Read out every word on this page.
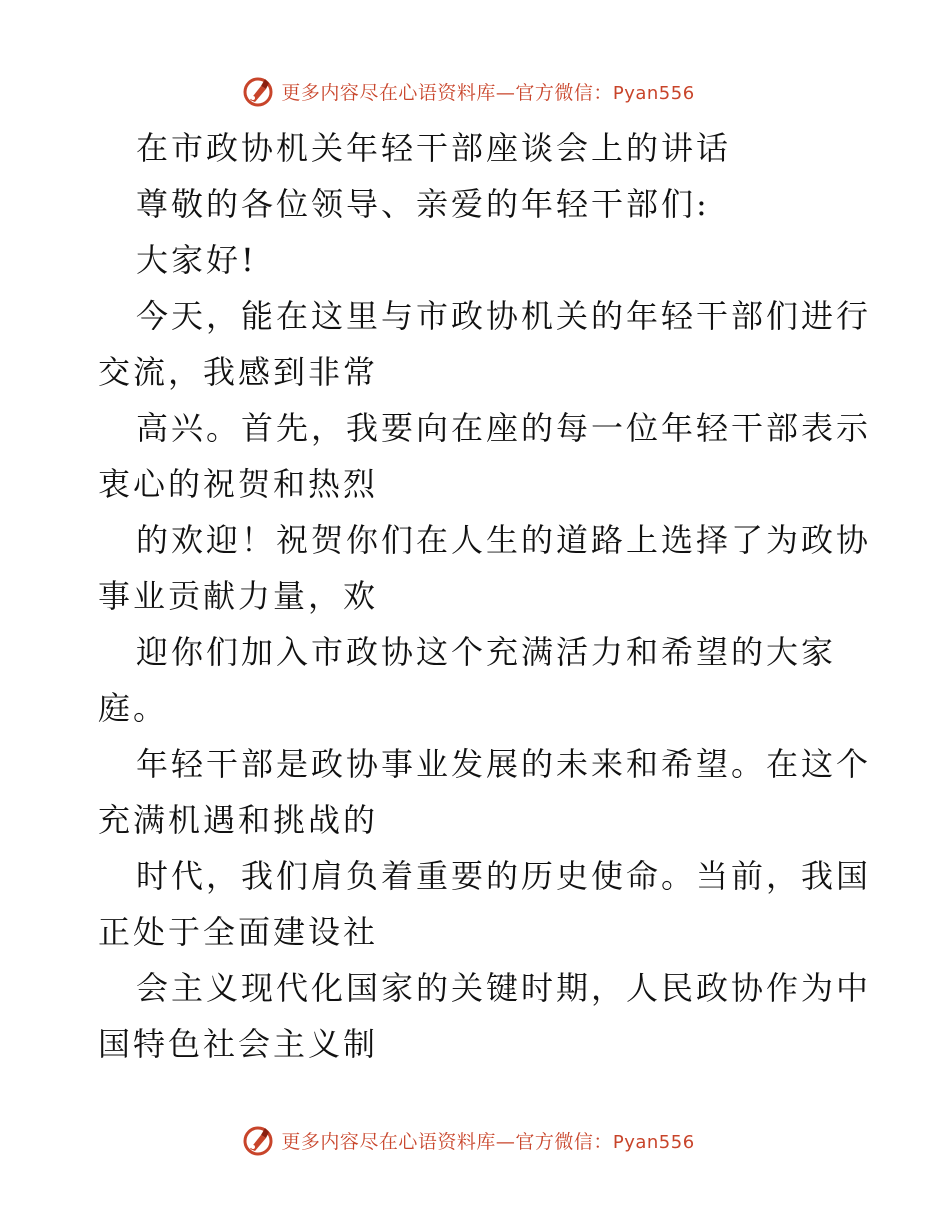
更多内容尽在心语资料库—官方微信：Pyan556
在市政协机关年轻干部座谈会上的讲话
尊敬的各位领导、亲爱的年轻干部们:
大家好!
今天，能在这里与市政协机关的年轻干部们进行
交流，我感到非常
高兴。首先，我要向在座的每一位年轻干部表示
衷心的祝贺和热烈
的欢迎！祝贺你们在人生的道路上选择了为政协
事业贡献力量，欢
迎你们加入市政协这个充满活力和希望的大家
庭。
年轻干部是政协事业发展的未来和希望。在这个
充满机遇和挑战的
时代，我们肩负着重要的历史使命。当前，我国
正处于全面建设社
会主义现代化国家的关键时期，人民政协作为中
国特色社会主义制
更多内容尽在心语资料库—官方微信：Pyan556
